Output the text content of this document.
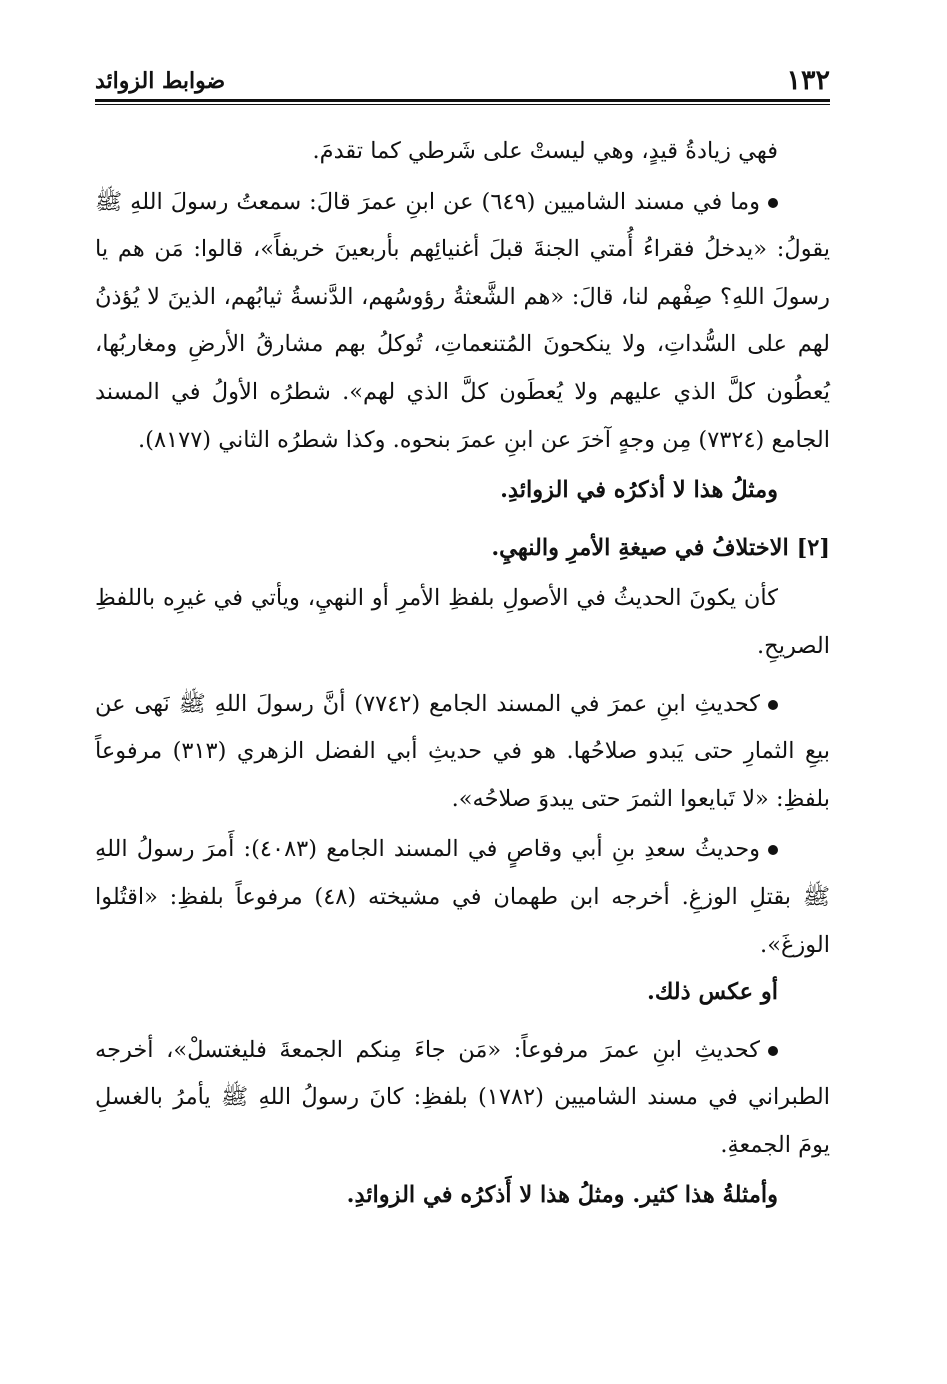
١٣٢
ضوابط الزوائد

فهي زيادةُ قيدٍ، وهي ليستْ على شَرطي كما تقدمَ.

وما في مسند الشاميين (٦٤٩) عن ابنِ عمرَ قالَ: سمعتُ رسولَ اللهِ ﷺ يقولُ: «يدخلُ فقراءُ أُمتي الجنةَ قبلَ أغنيائِهم بأربعينَ خريفاً»، قالوا: مَن هم يا رسولَ اللهِ؟ صِفْهم لنا، قالَ: «هم الشَّعثةُ رؤوسُهم، الدَّنسةُ ثيابُهم، الذينَ لا يُؤذنُ لهم على السُّداتِ، ولا ينكحونَ المُتنعماتِ، تُوكلُ بهم مشارقُ الأرضِ ومغاربُها، يُعطُون كلَّ الذي عليهم ولا يُعطَون كلَّ الذي لهم». شطرُه الأولُ في المسند الجامع (٧٣٢٤) مِن وجهٍ آخرَ عن ابنِ عمرَ بنحوه. وكذا شطرُه الثاني (٨١٧٧).

ومثلُ هذا لا أذكرُه في الزوائدِ.

[٢] الاختلافُ في صيغةِ الأمرِ والنهيِ.

كأن يكونَ الحديثُ في الأصولِ بلفظِ الأمرِ أو النهيِ، ويأتي في غيرِه باللفظِ الصريحِ.

كحديثِ ابنِ عمرَ في المسند الجامع (٧٧٤٢) أنَّ رسولَ اللهِ ﷺ نَهى عن بيعِ الثمارِ حتى يَبدو صلاحُها. هو في حديثِ أبي الفضل الزهري (٣١٣) مرفوعاً بلفظِ: «لا تَبايعوا الثمرَ حتى يبدوَ صلاحُه».

وحديثُ سعدِ بنِ أبي وقاصٍ في المسند الجامع (٤٠٨٣): أَمرَ رسولُ اللهِ ﷺ بقتلِ الوزغِ. أخرجه ابن طهمان في مشيخته (٤٨) مرفوعاً بلفظِ: «اقتُلوا الوزغَ».

أو عكس ذلك.

كحديثِ ابنِ عمرَ مرفوعاً: «مَن جاءَ مِنكم الجمعةَ فليغتسلْ»، أخرجه الطبراني في مسند الشاميين (١٧٨٢) بلفظِ: كانَ رسولُ اللهِ ﷺ يأمرُ بالغسلِ يومَ الجمعةِ.

وأمثلةُ هذا كثير. ومثلُ هذا لا أَذكرُه في الزوائدِ.
